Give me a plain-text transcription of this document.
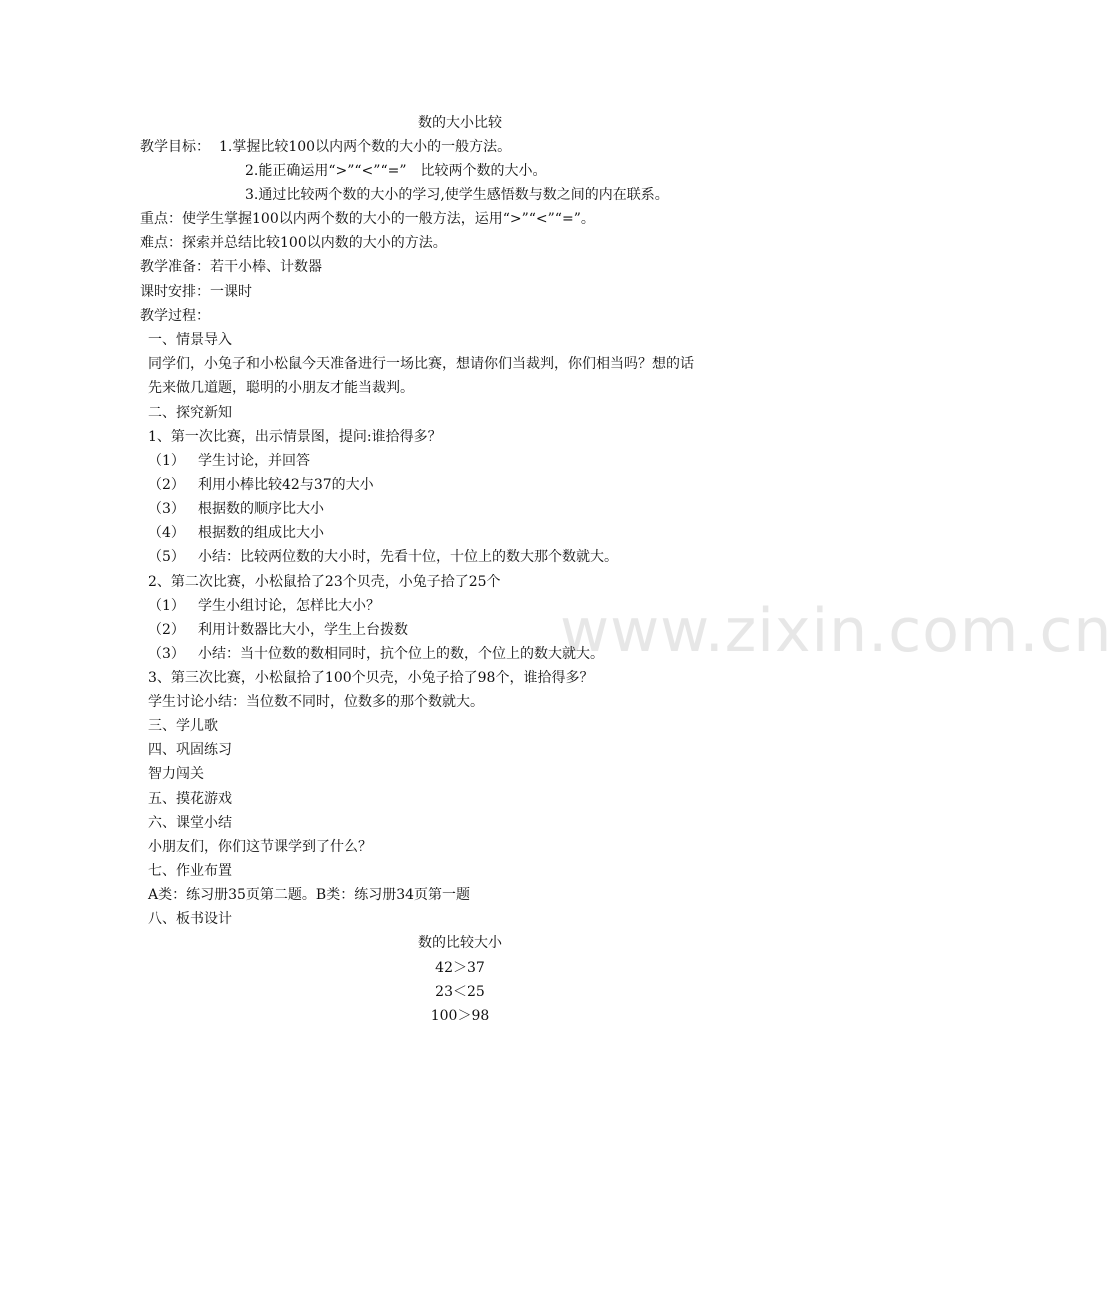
www.zixin.com.cn
数的大小比较
教学目标： 1.掌握比较100以内两个数的大小的一般方法。
2.能正确运用“>”“<”“=”　比较两个数的大小。
3.通过比较两个数的大小的学习,使学生感悟数与数之间的内在联系。
重点：使学生掌握100以内两个数的大小的一般方法，运用“>”“<”“=”。
难点：探索并总结比较100以内数的大小的方法。
教学准备：若干小棒、计数器
课时安排：一课时
教学过程：
一、情景导入
同学们，小兔子和小松鼠今天准备进行一场比赛，想请你们当裁判，你们相当吗？想的话
先来做几道题，聪明的小朋友才能当裁判。
二、探究新知
1、第一次比赛，出示情景图，提问:谁拾得多？
（1） 学生讨论，并回答
（2） 利用小棒比较42与37的大小
（3） 根据数的顺序比大小
（4） 根据数的组成比大小
（5） 小结：比较两位数的大小时，先看十位，十位上的数大那个数就大。
2、第二次比赛，小松鼠拾了23个贝壳，小兔子拾了25个
（1） 学生小组讨论，怎样比大小？
（2） 利用计数器比大小，学生上台拨数
（3） 小结：当十位数的数相同时，抗个位上的数，个位上的数大就大。
3、第三次比赛，小松鼠拾了100个贝壳，小兔子拾了98个，谁拾得多？
学生讨论小结：当位数不同时，位数多的那个数就大。
三、学儿歌
四、巩固练习
智力闯关
五、摸花游戏
六、课堂小结
小朋友们，你们这节课学到了什么？
七、作业布置
A类：练习册35页第二题。B类：练习册34页第一题
八、板书设计
数的比较大小
42＞37
23＜25
100＞98
